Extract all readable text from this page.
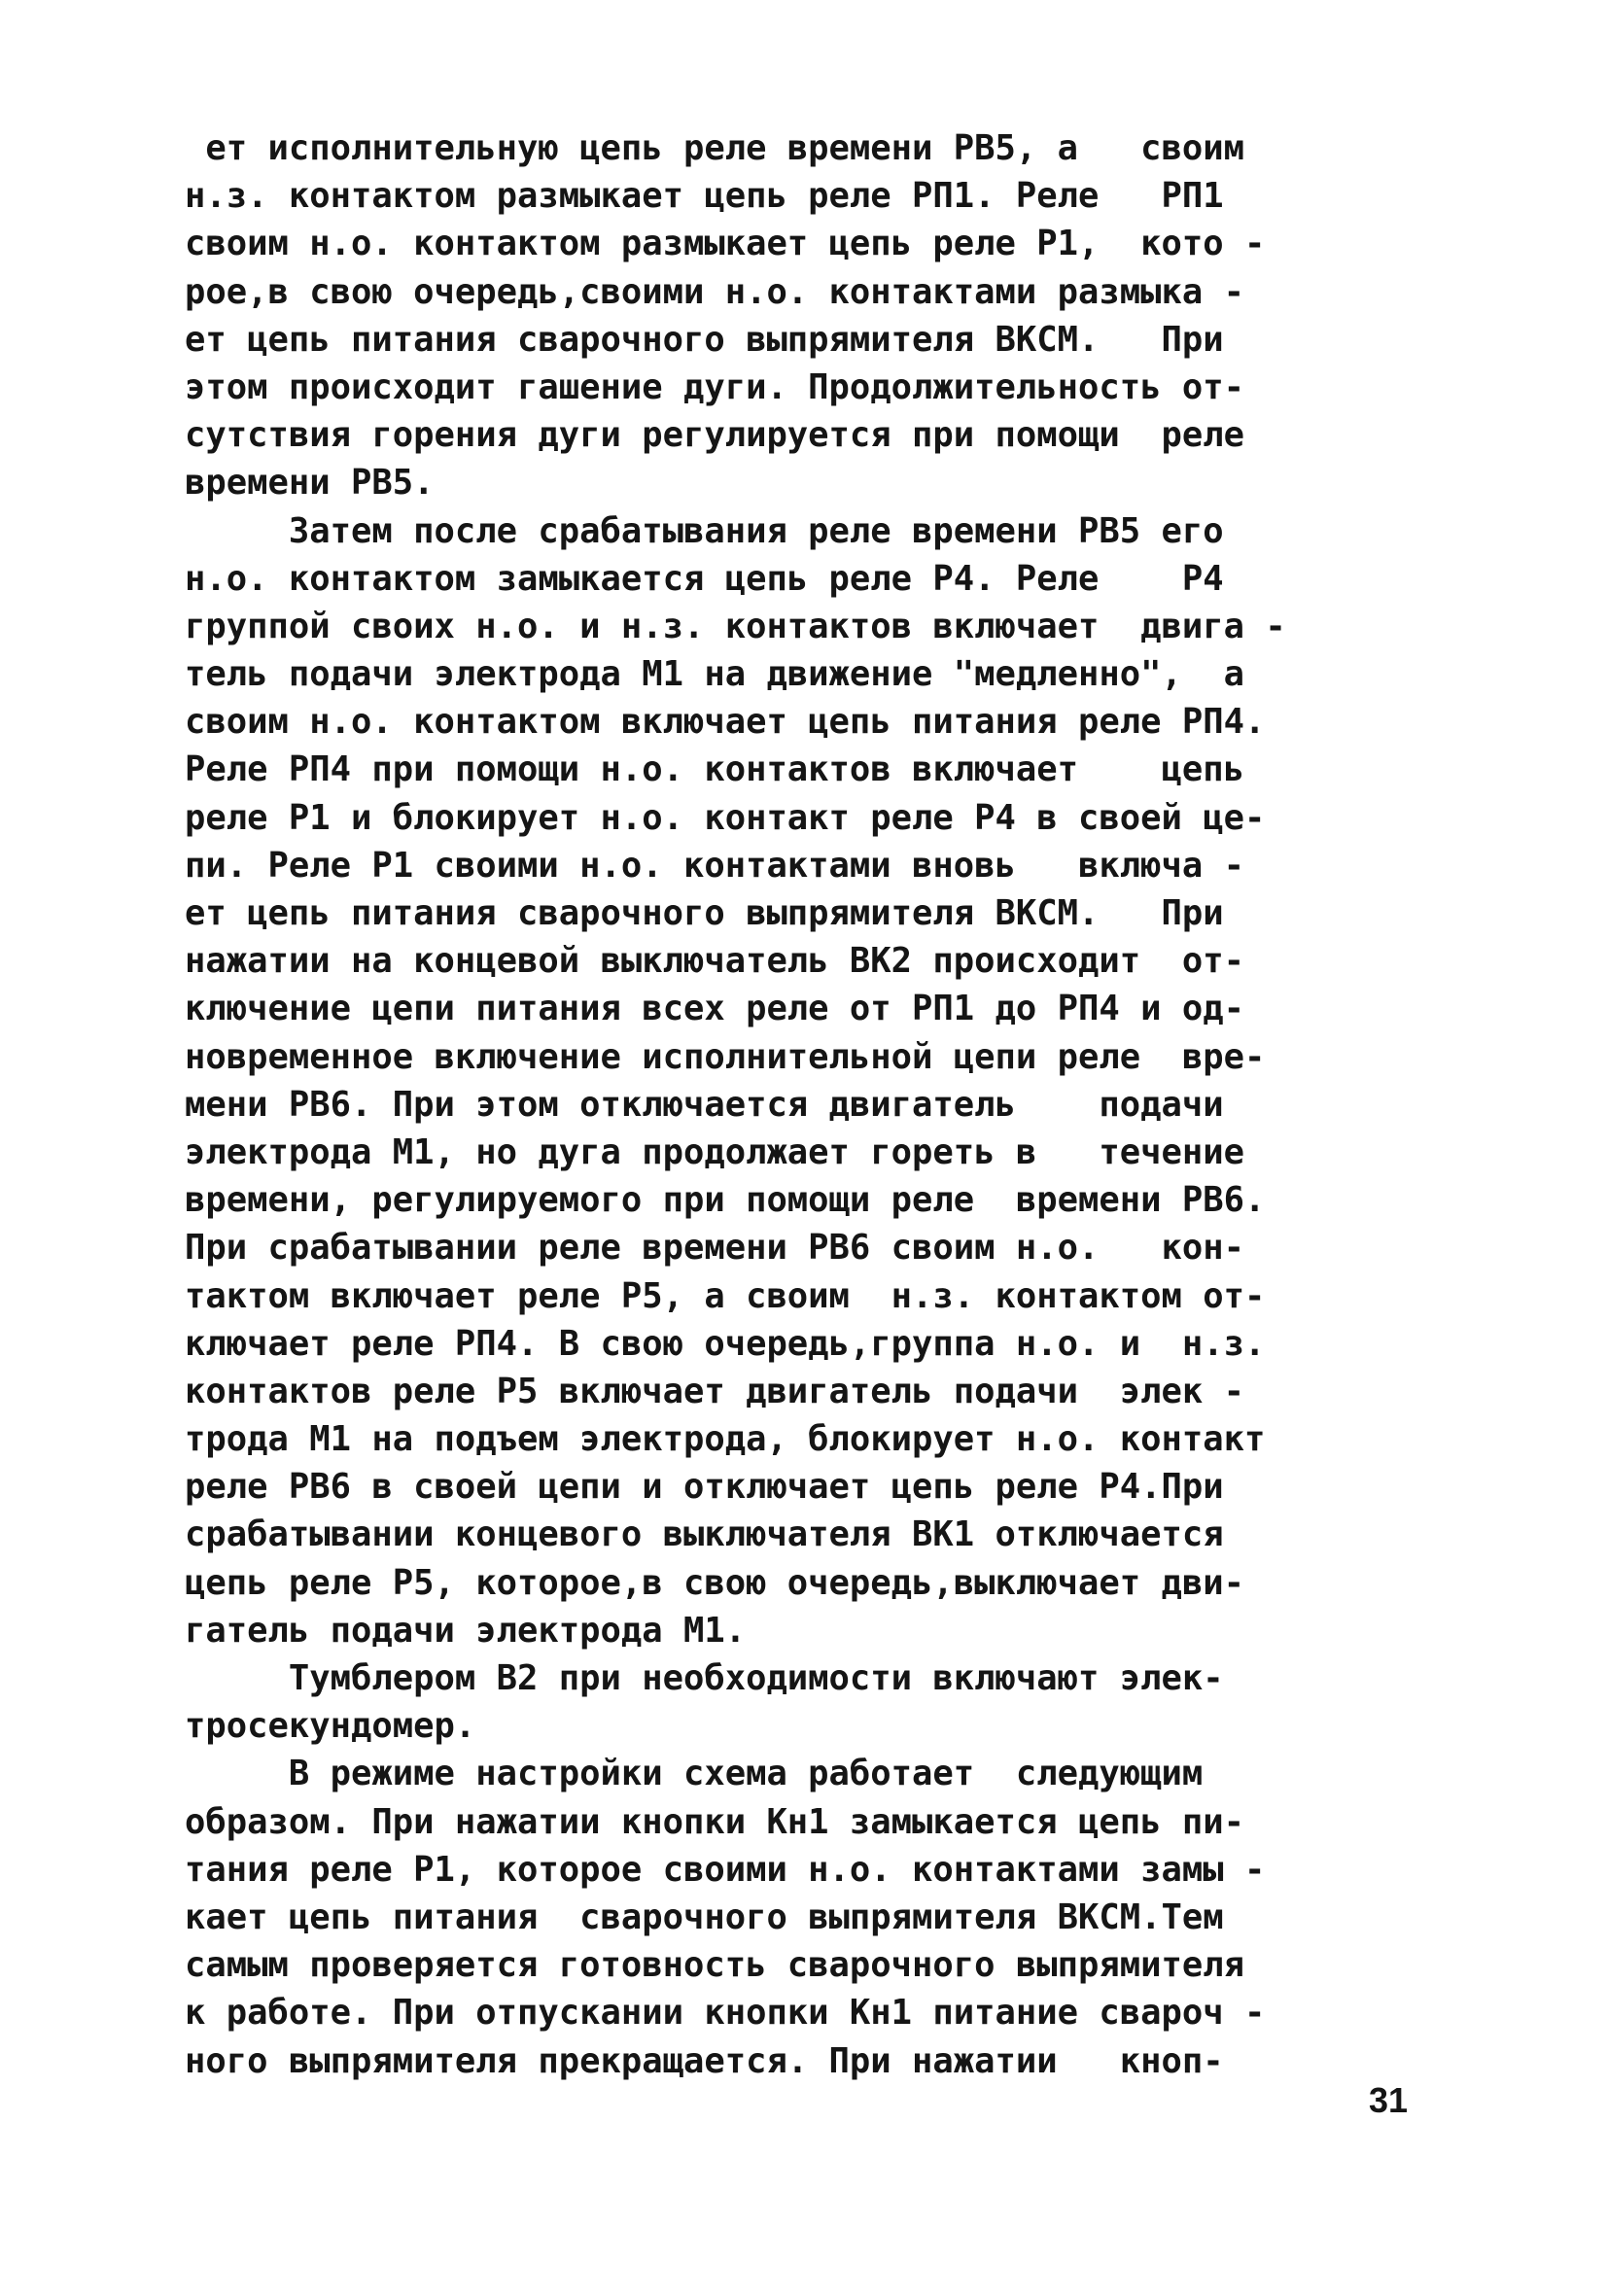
ет исполнительную цепь реле времени РВ5, а   своим
н.з. контактом размыкает цепь реле РП1. Реле   РП1
своим н.о. контактом размыкает цепь реле Р1,  кото -
рое,в свою очередь,своими н.о. контактами размыка -
ет цепь питания сварочного выпрямителя ВКСМ.   При
этом происходит гашение дуги. Продолжительность от-
сутствия горения дуги регулируется при помощи  реле
времени РВ5.
Затем после срабатывания реле времени РВ5 его
н.о. контактом замыкается цепь реле Р4. Реле    Р4
группой своих н.о. и н.з. контактов включает  двига -
тель подачи электрода М1 на движение "медленно",  а
своим н.о. контактом включает цепь питания реле РП4.
Реле РП4 при помощи н.о. контактов включает    цепь
реле Р1 и блокирует н.о. контакт реле Р4 в своей це-
пи. Реле Р1 своими н.о. контактами вновь   включа -
ет цепь питания сварочного выпрямителя ВКСМ.   При
нажатии на концевой выключатель ВК2 происходит  от-
ключение цепи питания всех реле от РП1 до РП4 и од-
новременное включение исполнительной цепи реле  вре-
мени РВ6. При этом отключается двигатель    подачи
электрода М1, но дуга продолжает гореть в   течение
времени, регулируемого при помощи реле  времени РВ6.
При срабатывании реле времени РВ6 своим н.о.   кон-
тактом включает реле Р5, а своим  н.з. контактом от-
ключает реле РП4. В свою очередь,группа н.о. и  н.з.
контактов реле Р5 включает двигатель подачи  элек -
трода М1 на подъем электрода, блокирует н.о. контакт
реле РВ6 в своей цепи и отключает цепь реле Р4.При
срабатывании концевого выключателя ВК1 отключается
цепь реле Р5, которое,в свою очередь,выключает дви-
гатель подачи электрода М1.
Тумблером В2 при необходимости включают элек-
тросекундомер.
В режиме настройки схема работает  следующим
образом. При нажатии кнопки Кн1 замыкается цепь пи-
тания реле Р1, которое своими н.о. контактами замы -
кает цепь питания  сварочного выпрямителя ВКСМ.Тем
самым проверяется готовность сварочного выпрямителя
к работе. При отпускании кнопки Кн1 питание свароч -
ного выпрямителя прекращается. При нажатии   кноп-
31
